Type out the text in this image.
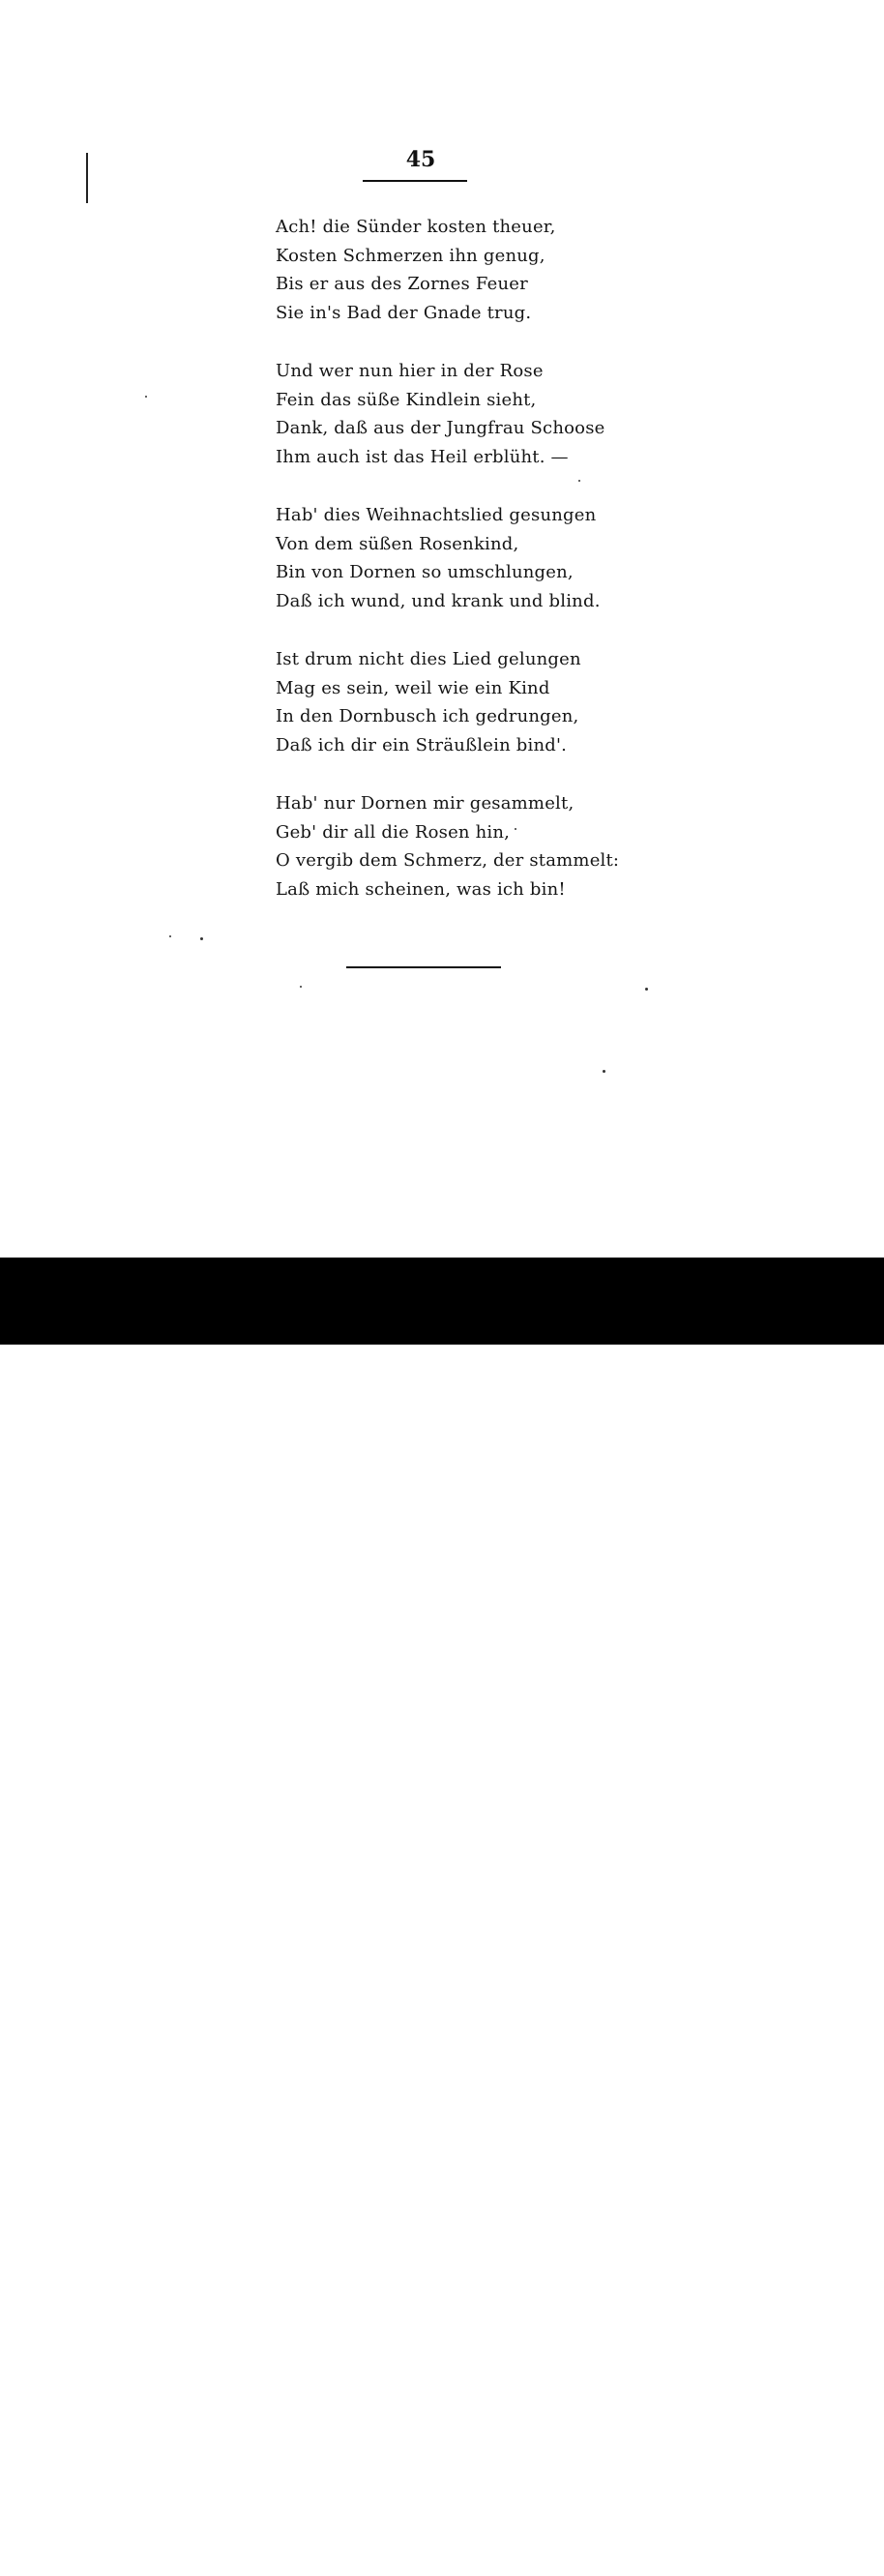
45
Ach! die Sünder kosten theuer,
Kosten Schmerzen ihn genug,
Bis er aus des Zornes Feuer
Sie in's Bad der Gnade trug.
Und wer nun hier in der Rose
Fein das süße Kindlein sieht,
Dank, daß aus der Jungfrau Schoose
Ihm auch ist das Heil erblüht. —
Hab' dies Weihnachtslied gesungen
Von dem süßen Rosenkind,
Bin von Dornen so umschlungen,
Daß ich wund, und krank und blind.
Ist drum nicht dies Lied gelungen
Mag es sein, weil wie ein Kind
In den Dornbusch ich gedrungen,
Daß ich dir ein Sträußlein bind'.
Hab' nur Dornen mir gesammelt,
Geb' dir all die Rosen hin,
O vergib dem Schmerz, der stammelt:
Laß mich scheinen, was ich bin!
alamy	JE7H38
www.alamy.com
